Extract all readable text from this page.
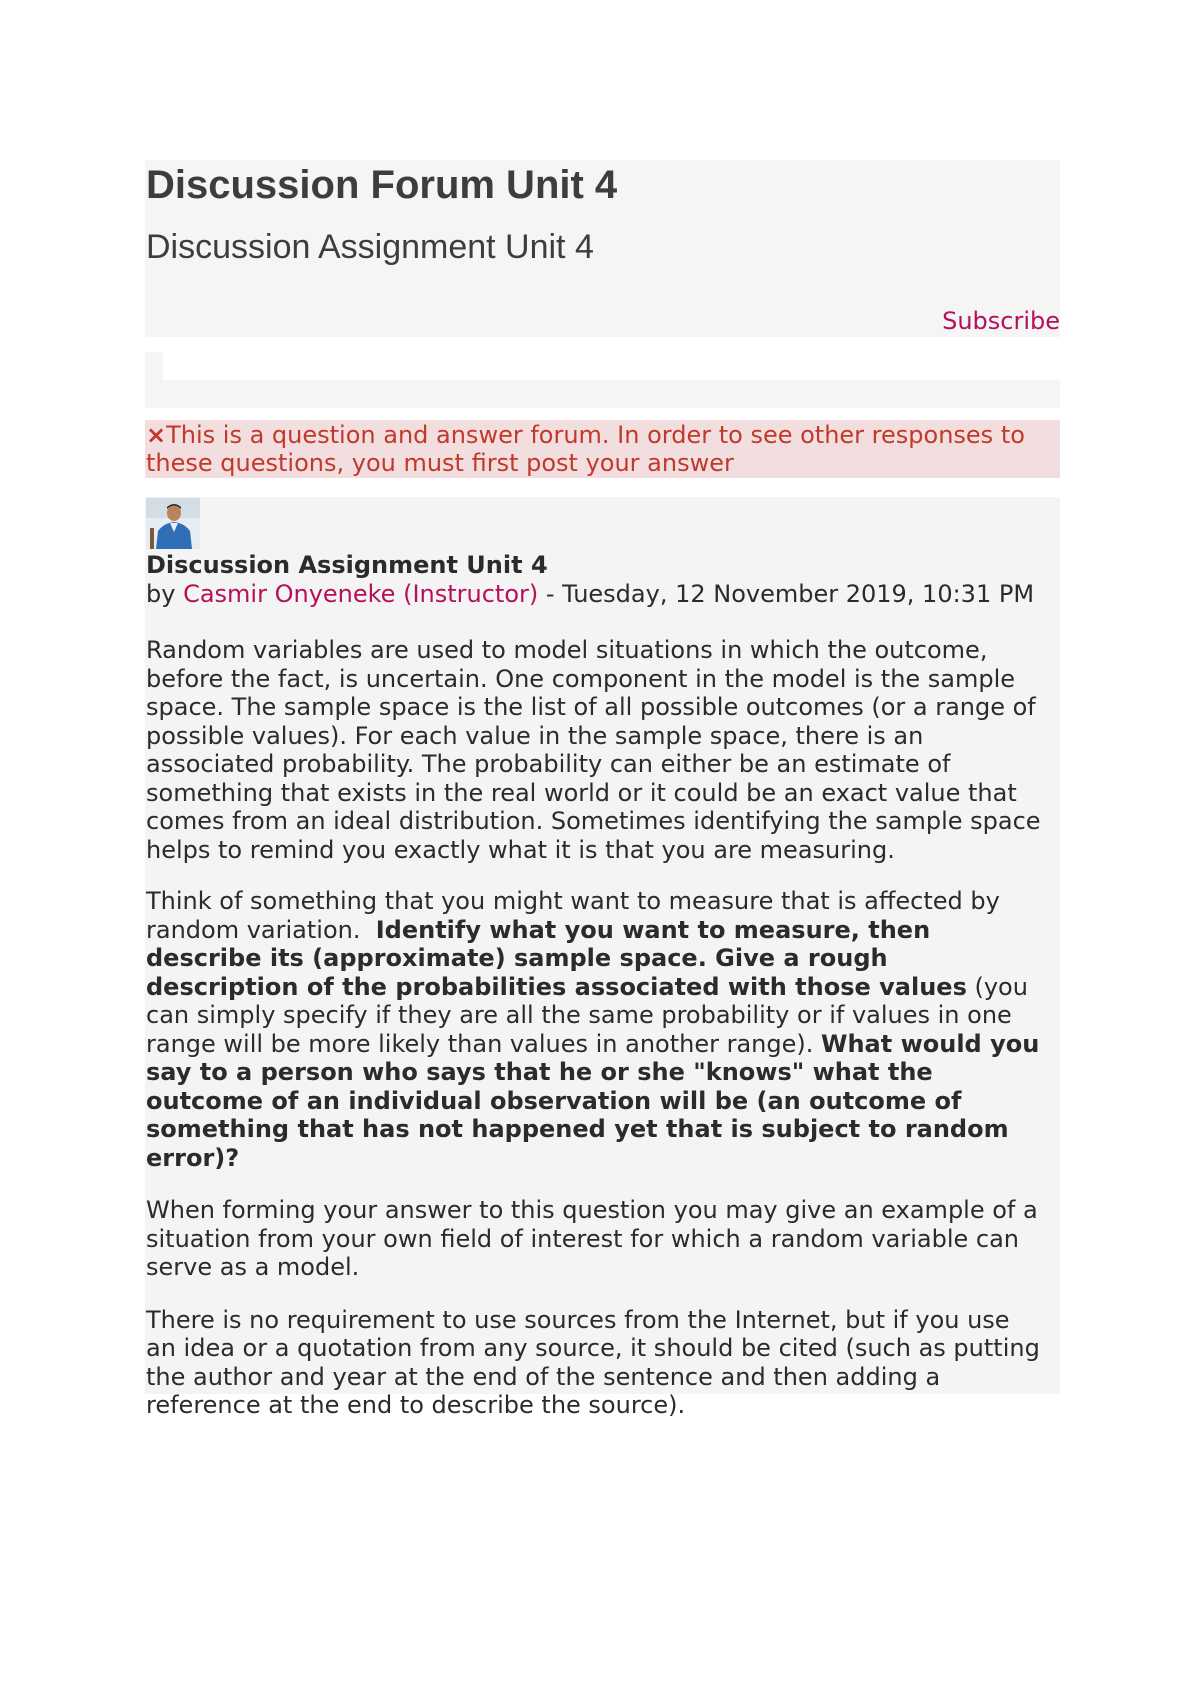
Discussion Forum Unit 4
Discussion Assignment Unit 4
Subscribe
×This is a question and answer forum. In order to see other responses to these questions, you must first post your answer
Discussion Assignment Unit 4
by Casmir Onyeneke (Instructor) - Tuesday, 12 November 2019, 10:31 PM

Random variables are used to model situations in which the outcome, before the fact, is uncertain. One component in the model is the sample space. The sample space is the list of all possible outcomes (or a range of possible values). For each value in the sample space, there is an associated probability. The probability can either be an estimate of something that exists in the real world or it could be an exact value that comes from an ideal distribution. Sometimes identifying the sample space helps to remind you exactly what it is that you are measuring.

Think of something that you might want to measure that is affected by random variation.  Identify what you want to measure, then describe its (approximate) sample space. Give a rough description of the probabilities associated with those values (you can simply specify if they are all the same probability or if values in one range will be more likely than values in another range). What would you say to a person who says that he or she "knows" what the outcome of an individual observation will be (an outcome of something that has not happened yet that is subject to random error)?

When forming your answer to this question you may give an example of a situation from your own field of interest for which a random variable can serve as a model.

There is no requirement to use sources from the Internet, but if you use an idea or a quotation from any source, it should be cited (such as putting the author and year at the end of the sentence and then adding a reference at the end to describe the source).
